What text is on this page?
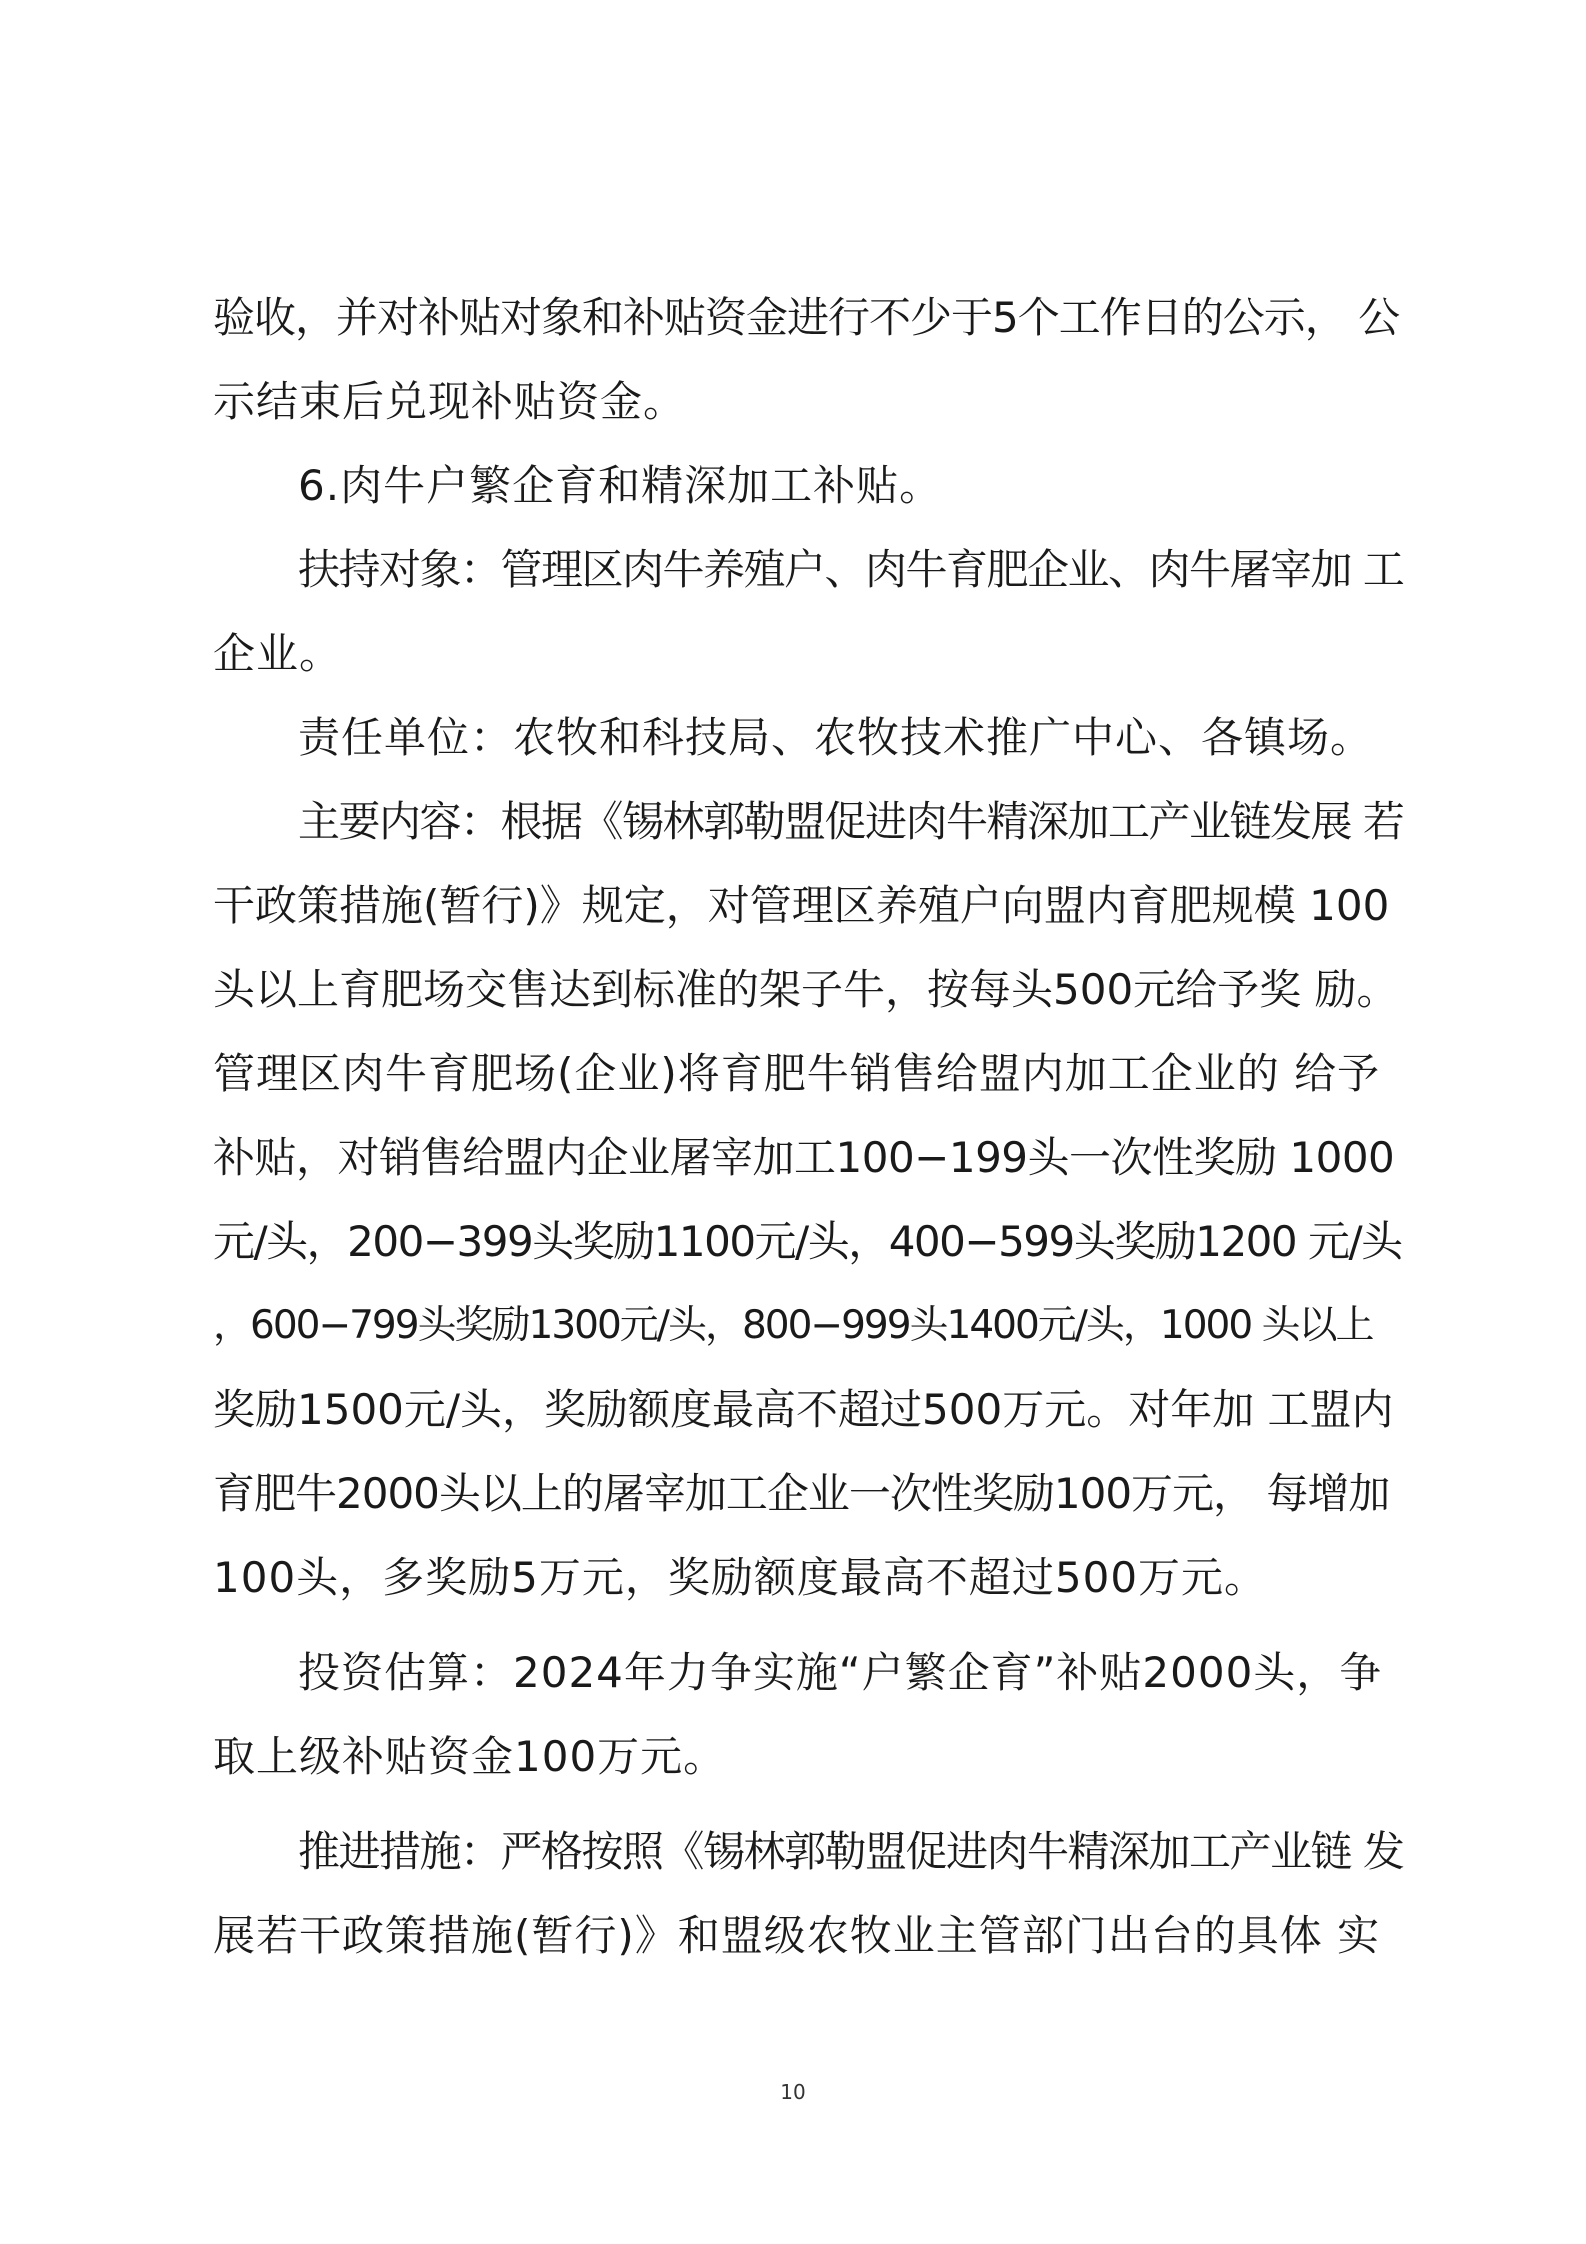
验收，并对补贴对象和补贴资金进行不少于5个工作日的公示， 公
示结束后兑现补贴资金。
6.肉牛户繁企育和精深加工补贴。
扶持对象：管理区肉牛养殖户、肉牛育肥企业、肉牛屠宰加 工
企业。
责任单位：农牧和科技局、农牧技术推广中心、各镇场。
主要内容：根据《锡林郭勒盟促进肉牛精深加工产业链发展 若
干政策措施(暂行)》规定，对管理区养殖户向盟内育肥规模 100
头以上育肥场交售达到标准的架子牛，按每头500元给予奖 励。
管理区肉牛育肥场(企业)将育肥牛销售给盟内加工企业的 给予
补贴，对销售给盟内企业屠宰加工100−199头一次性奖励 1000
元/头，200−399头奖励1100元/头，400−599头奖励1200 元/头
，600−799头奖励1300元/头，800−999头1400元/头，1000 头以上
奖励1500元/头，奖励额度最高不超过500万元。对年加 工盟内
育肥牛2000头以上的屠宰加工企业一次性奖励100万元， 每增加
100头，多奖励5万元，奖励额度最高不超过500万元。
投资估算：2024年力争实施“户繁企育”补贴2000头，争
取上级补贴资金100万元。
推进措施：严格按照《锡林郭勒盟促进肉牛精深加工产业链 发
展若干政策措施(暂行)》和盟级农牧业主管部门出台的具体 实
10
